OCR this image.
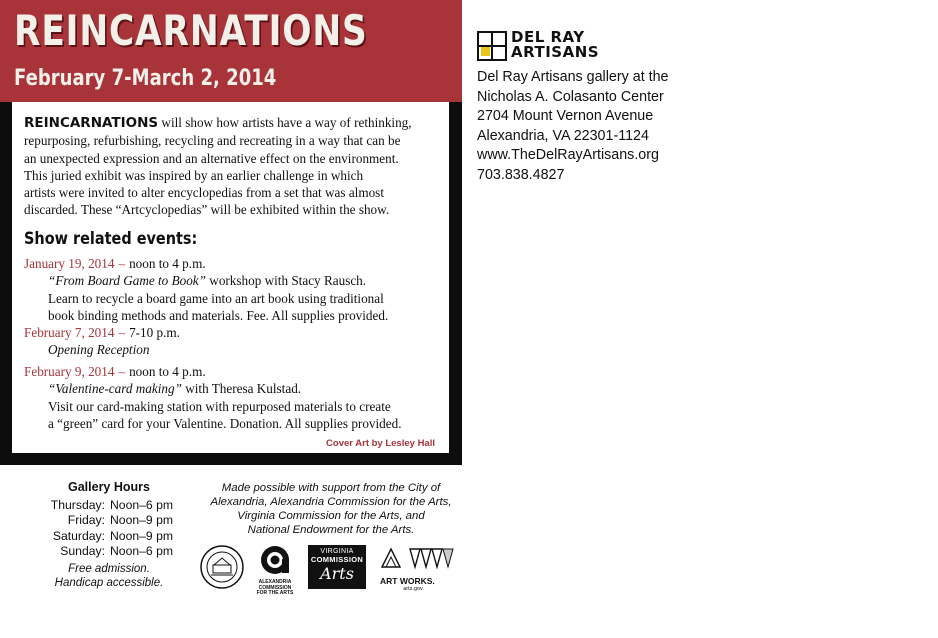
REINCARNATIONS
February 7-March 2, 2014

REINCARNATIONS will show how artists have a way of rethinking,
repurposing, refurbishing, recycling and recreating in a way that can be
an unexpected expression and an alternative effect on the environment.
This juried exhibit was inspired by an earlier challenge in which
artists were invited to alter encyclopedias from a set that was almost
discarded. These “Artcyclopedias” will be exhibited within the show.

Show related events:
January 19, 2014 – noon to 4 p.m.
“From Board Game to Book” workshop with Stacy Rausch.
Learn to recycle a board game into an art book using traditional
book binding methods and materials. Fee. All supplies provided.
February 7, 2014 – 7-10 p.m.
Opening Reception
February 9, 2014 – noon to 4 p.m.
“Valentine-card making” with Theresa Kulstad.
Visit our card-making station with repurposed materials to create
a “green” card for your Valentine. Donation. All supplies provided.
Cover Art by Lesley Hall
DEL RAY
ARTISANS

Del Ray Artisans gallery at the
Nicholas A. Colasanto Center
2704 Mount Vernon Avenue
Alexandria, VA 22301-1124
www.TheDelRayArtisans.org
703.838.4827

Gallery Hours
Thursday: Noon–6 pm
Friday: Noon–9 pm
Saturday: Noon–9 pm
Sunday: Noon–6 pm
Free admission.
Handicap accessible.
Made possible with support from the City of
Alexandria, Alexandria Commission for the Arts,
Virginia Commission for the Arts, and
National Endowment for the Arts.
ALEXANDRIA
COMMISSION
FOR THE ARTS
VIRGINIA
COMMISSION
Arts	ART WORKS.
arts.gov
